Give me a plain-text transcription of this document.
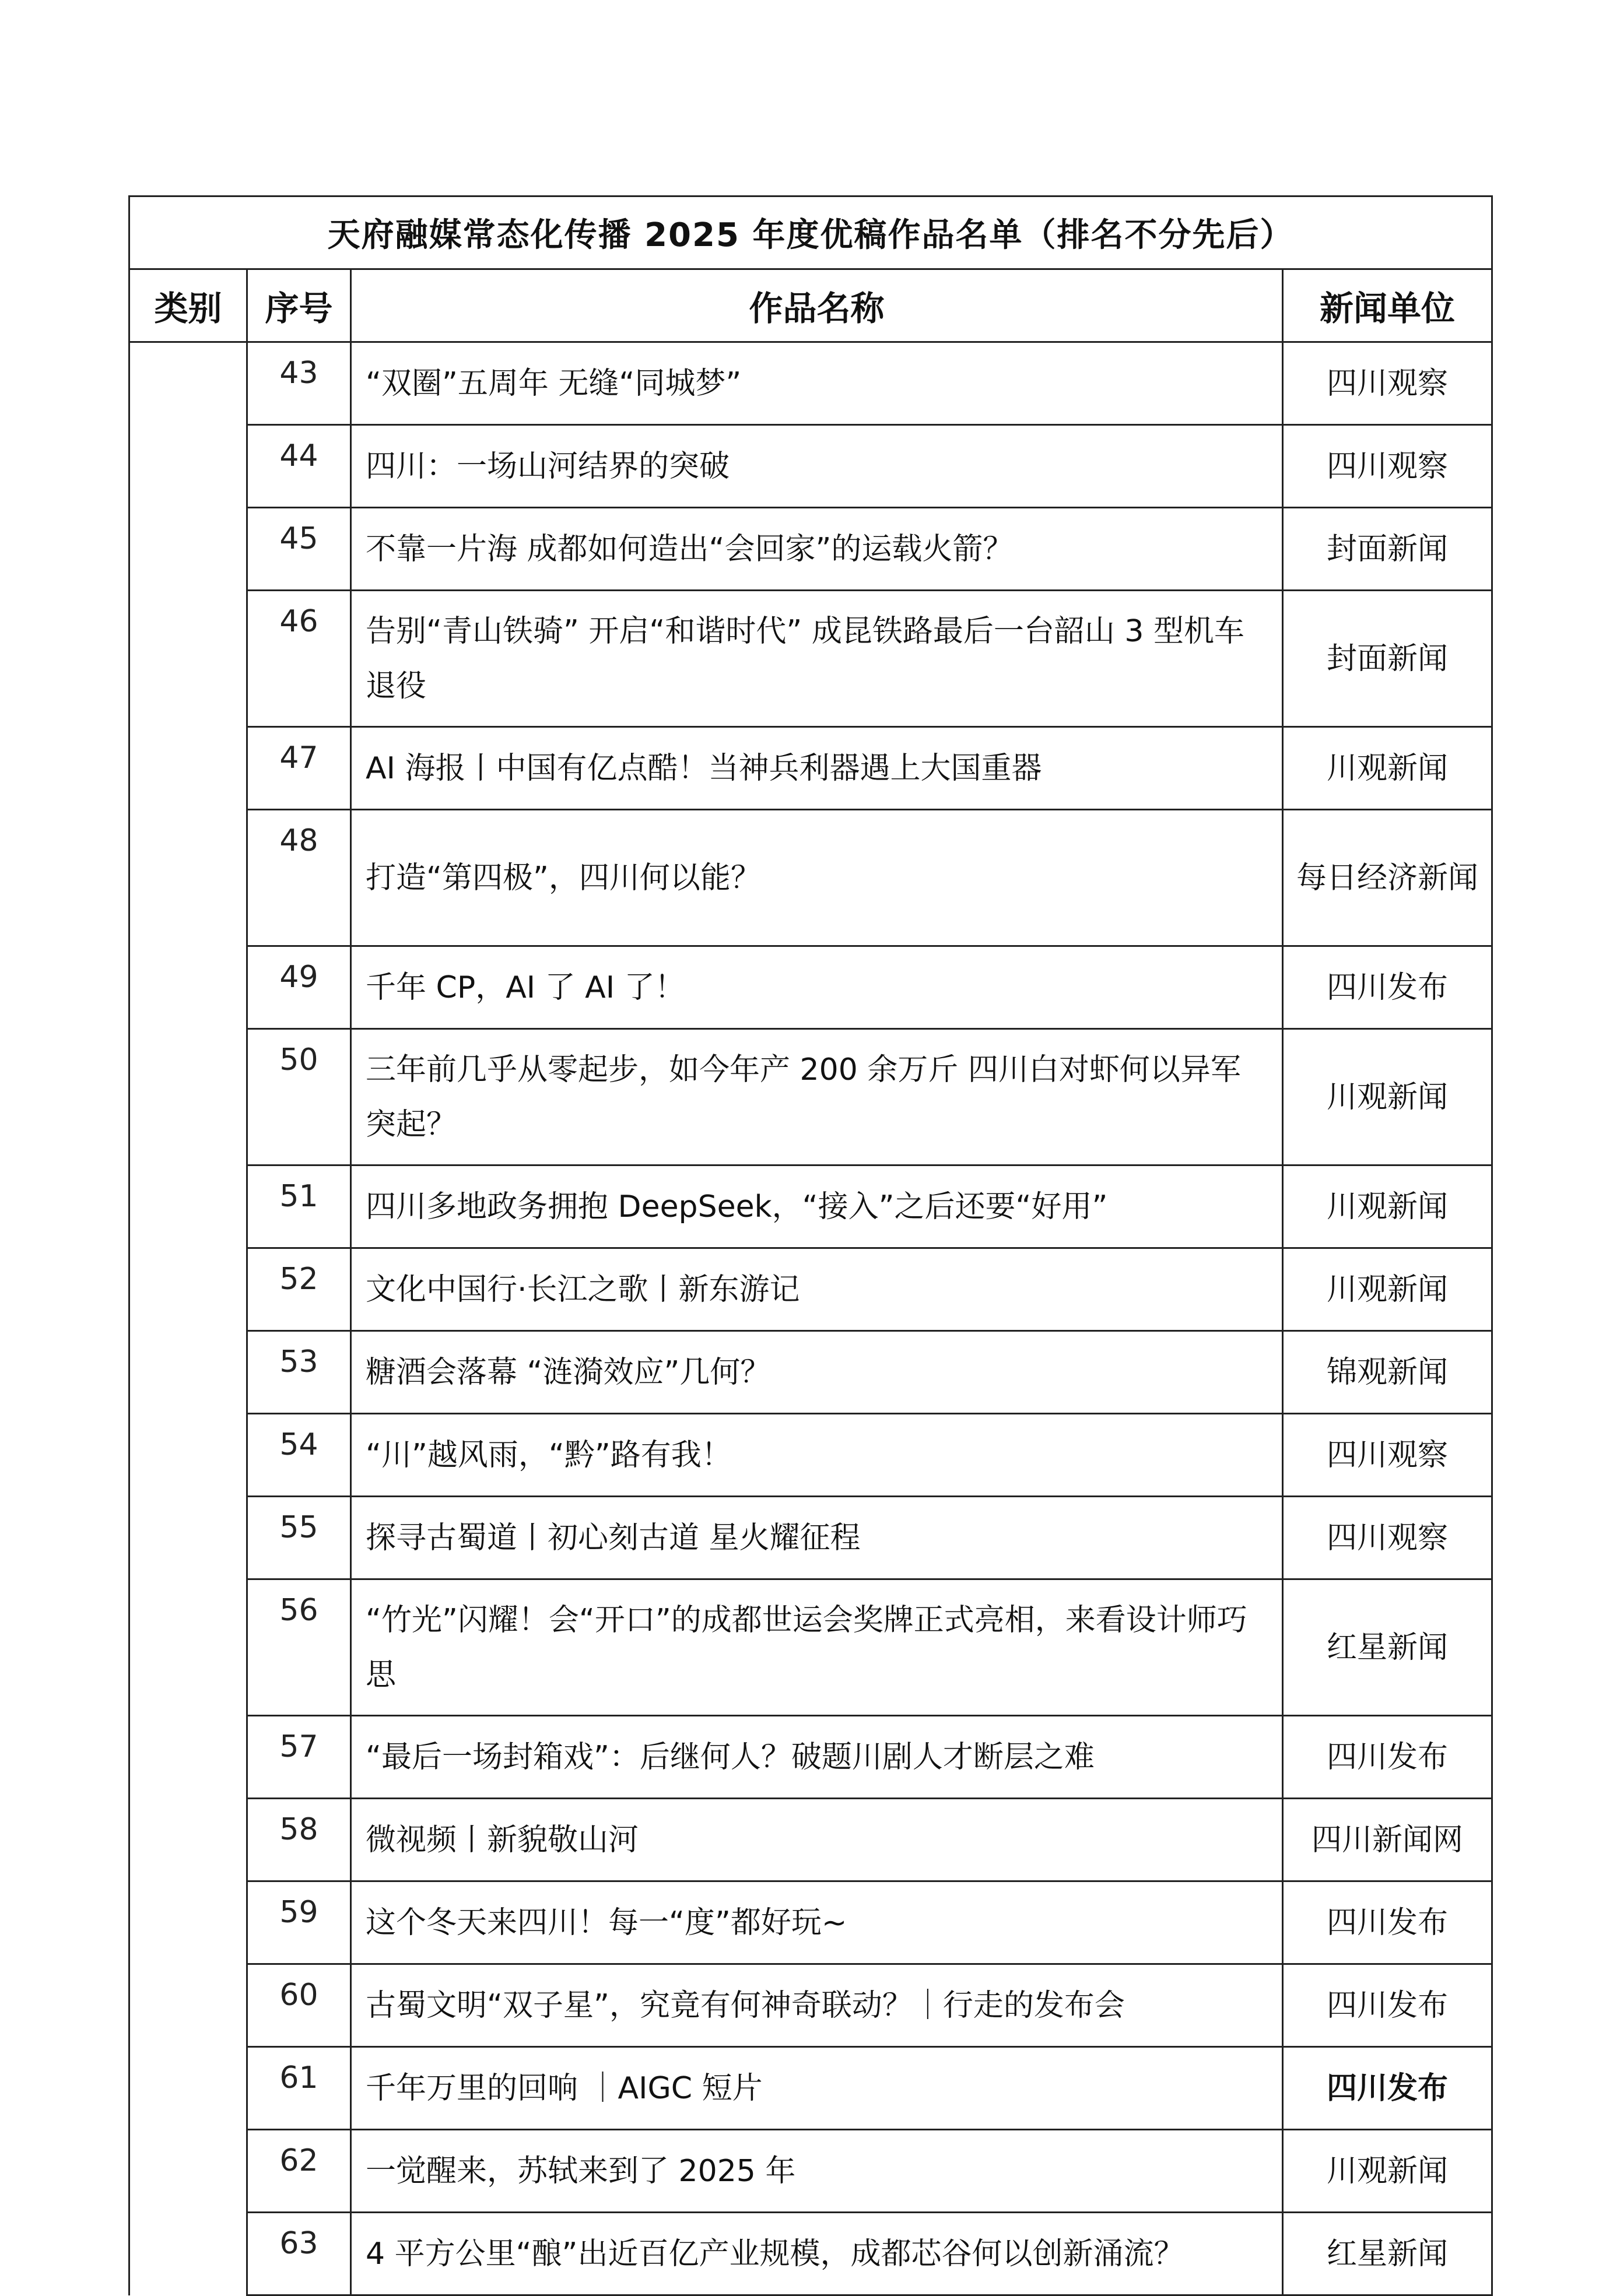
天府融媒常态化传播 2025 年度优稿作品名单（排名不分先后）			
类别	序号	作品名称	新闻单位
	43	“双圈”五周年 无缝“同城梦”	四川观察
	44	四川：一场山河结界的突破	四川观察
	45	不靠一片海 成都如何造出“会回家”的运载火箭？	封面新闻
	46	告别“青山铁骑” 开启“和谐时代” 成昆铁路最后一台韶山 3 型机车退役	封面新闻
	47	AI 海报丨中国有亿点酷！当神兵利器遇上大国重器	川观新闻
	48	打造“第四极”，四川何以能？	每日经济新闻
	49	千年 CP，AI 了 AI 了！	四川发布
	50	三年前几乎从零起步，如今年产 200 余万斤 四川白对虾何以异军突起？	川观新闻
	51	四川多地政务拥抱 DeepSeek，“接入”之后还要“好用”	川观新闻
	52	文化中国行·长江之歌丨新东游记	川观新闻
	53	糖酒会落幕 “涟漪效应”几何？	锦观新闻
	54	“川”越风雨，“黔”路有我！	四川观察
	55	探寻古蜀道丨初心刻古道 星火耀征程	四川观察
	56	“竹光”闪耀！会“开口”的成都世运会奖牌正式亮相，来看设计师巧思	红星新闻
	57	“最后一场封箱戏”：后继何人？破题川剧人才断层之难	四川发布
	58	微视频丨新貌敬山河	四川新闻网
	59	这个冬天来四川！每一“度”都好玩~	四川发布
	60	古蜀文明“双子星”，究竟有何神奇联动？｜行走的发布会	四川发布
	61	千年万里的回响 ｜AIGC 短片	四川发布
	62	一觉醒来，苏轼来到了 2025 年	川观新闻
	63	4 平方公里“酿”出近百亿产业规模，成都芯谷何以创新涌流？	红星新闻
